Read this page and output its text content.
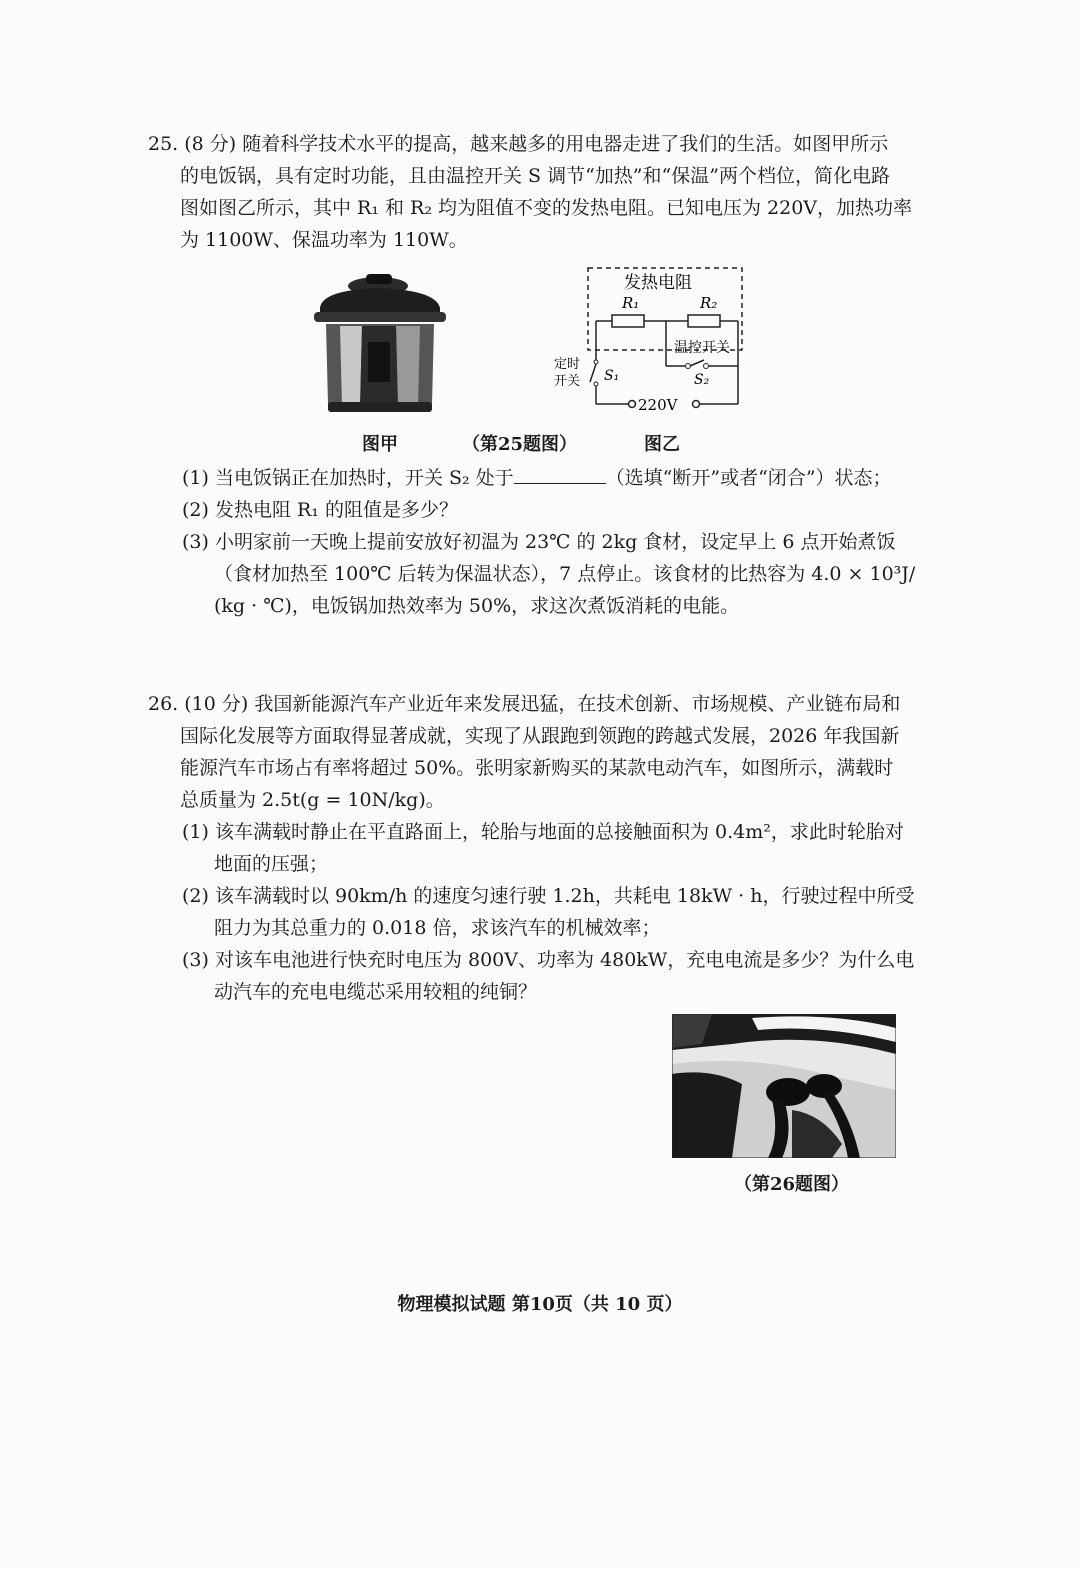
25. (8 分) 随着科学技术水平的提高，越来越多的用电器走进了我们的生活。如图甲所示
的电饭锅，具有定时功能，且由温控开关 S 调节“加热”和“保温”两个档位，简化电路
图如图乙所示，其中 R₁ 和 R₂ 均为阻值不变的发热电阻。已知电压为 220V，加热功率
为 1100W、保温功率为 110W。
发热电阻
R₁	R₂
温控开关
S₂
定时
开关 S₁
220V
图甲	（第25题图）	图乙
(1) 当电饭锅正在加热时，开关 S₂ 处于	（选填“断开”或者“闭合”）状态；
(2) 发热电阻 R₁ 的阻值是多少？
(3) 小明家前一天晚上提前安放好初温为 23℃ 的 2kg 食材，设定早上 6 点开始煮饭
（食材加热至 100℃ 后转为保温状态），7 点停止。该食材的比热容为 4.0 × 10³J/
(kg · ℃)，电饭锅加热效率为 50%，求这次煮饭消耗的电能。
26. (10 分) 我国新能源汽车产业近年来发展迅猛，在技术创新、市场规模、产业链布局和
国际化发展等方面取得显著成就，实现了从跟跑到领跑的跨越式发展，2026 年我国新
能源汽车市场占有率将超过 50%。张明家新购买的某款电动汽车，如图所示，满载时
总质量为 2.5t(g = 10N/kg)。
(1) 该车满载时静止在平直路面上，轮胎与地面的总接触面积为 0.4m²，求此时轮胎对
地面的压强；
(2) 该车满载时以 90km/h 的速度匀速行驶 1.2h，共耗电 18kW · h，行驶过程中所受
阻力为其总重力的 0.018 倍，求该汽车的机械效率；
(3) 对该车电池进行快充时电压为 800V、功率为 480kW，充电电流是多少？为什么电
动汽车的充电电缆芯采用较粗的纯铜？
（第26题图）
物理模拟试题 第10页（共 10 页）
